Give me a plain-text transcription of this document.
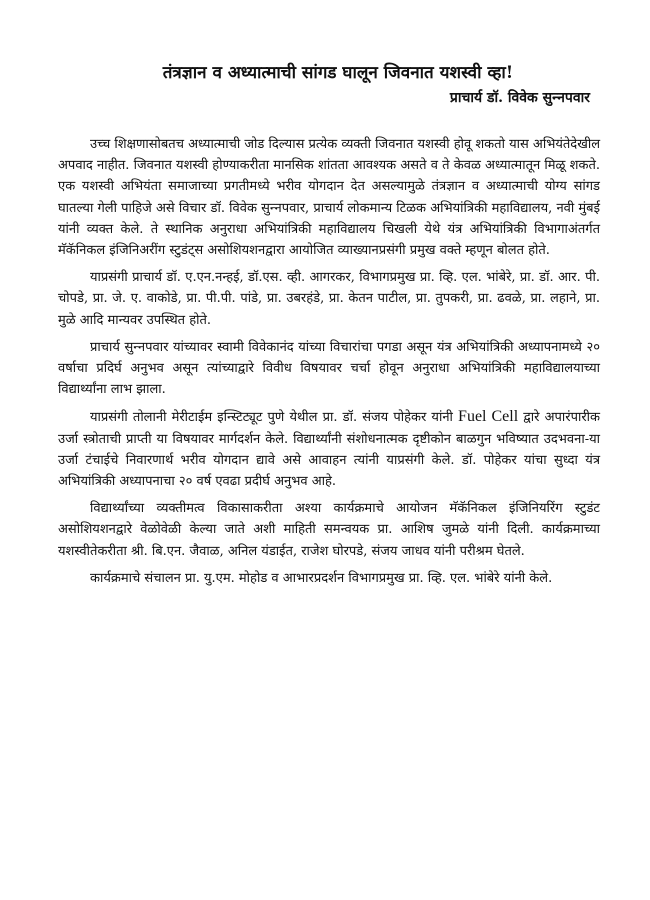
तंत्रज्ञान व अध्यात्माची सांगड घालून जिवनात यशस्वी व्हा!
प्राचार्य डॉ. विवेक सुन्‍नपवार

उच्च शिक्षणासोबतच अध्यात्माची जोड दिल्यास प्रत्येक व्यक्ती जिवनात यशस्वी होवू शकतो यास अभियंतेदेखील अपवाद नाहीत. जिवनात यशस्वी होण्याकरीता मानसिक शांतता आवश्यक असते व ते केवळ अध्यात्मातून मिळू शकते. एक यशस्वी अभियंता समाजाच्या प्रगतीमध्ये भरीव योगदान देत असल्यामुळे तंत्रज्ञान व अध्यात्माची योग्य सांगड घातल्या गेली पाहिजे असे विचार डॉ. विवेक सुन्‍नपवार, प्राचार्य लोकमान्य टिळक अभियांत्रिकी महाविद्यालय, नवी मुंबई यांनी व्यक्त केले. ते स्थानिक अनुराधा अभियांत्रिकी महाविद्यालय चिखली येथे यंत्र अभियांत्रिकी विभागाअंतर्गत मॅकॅनिकल इंजिनिअरींग स्टुडंट्स असोशियशनद्वारा आयोजित व्याख्यानप्रसंगी प्रमुख वक्ते म्हणून बोलत होते.

याप्रसंगी प्राचार्य डॉ. ए.एन.नन्हई, डॉ.एस. व्ही. आगरकर, विभागप्रमुख प्रा. व्हि. एल. भांबेरे, प्रा. डॉ. आर. पी. चोपडे, प्रा. जे. ए. वाकोडे, प्रा. पी.पी. पांडे, प्रा. उबरहंडे, प्रा. केतन पाटील, प्रा. तुपकरी, प्रा. ढवळे, प्रा. लहाने, प्रा. मुळे आदि मान्यवर उपस्थित होते.

प्राचार्य सुन्‍नपवार यांच्यावर स्वामी विवेकानंद यांच्या विचारांचा पगडा असून यंत्र अभियांत्रिकी अध्यापनामध्ये २० वर्षाचा प्रदिर्घ अनुभव असून त्यांच्याद्वारे विवीध विषयावर चर्चा होवून अनुराधा अभियांत्रिकी महाविद्यालयाच्या विद्यार्थ्यांना लाभ झाला.

याप्रसंगी तोलानी मेरीटाईम इन्स्टिट्यूट पुणे येथील प्रा. डॉ. संजय पोहेकर यांनी Fuel Cell द्वारे अपारंपारीक उर्जा स्त्रोताची प्राप्ती या विषयावर मार्गदर्शन केले. विद्यार्थ्यांनी संशोधनात्मक दृष्टीकोन बाळगुन भविष्यात उदभवना-या उर्जा टंचाईचे निवारणार्थ भरीव योगदान द्यावे असे आवाहन त्यांनी याप्रसंगी केले. डॉ. पोहेकर यांचा सुध्दा यंत्र अभियांत्रिकी अध्यापनाचा २० वर्ष एवढा प्रदीर्घ अनुभव आहे.

विद्यार्थ्यांच्या व्यक्तीमत्व विकासाकरीता अश्या कार्यक्रमाचे आयोजन मॅकॅनिकल इंजिनियरिंग स्टुडंट असोशियशनद्वारे वेळोवेळी केल्या जाते अशी माहिती समन्वयक प्रा. आशिष जुमळे यांनी दिली. कार्यक्रमाच्या यशस्वीतेकरीता श्री. बि.एन. जैवाळ, अनिल यंडाईत, राजेश घोरपडे, संजय जाधव यांनी परीश्रम घेतले.

कार्यक्रमाचे संचालन प्रा. यु.एम. मोहोड व आभारप्रदर्शन विभागप्रमुख प्रा. व्हि. एल. भांबेरे यांनी केले.
